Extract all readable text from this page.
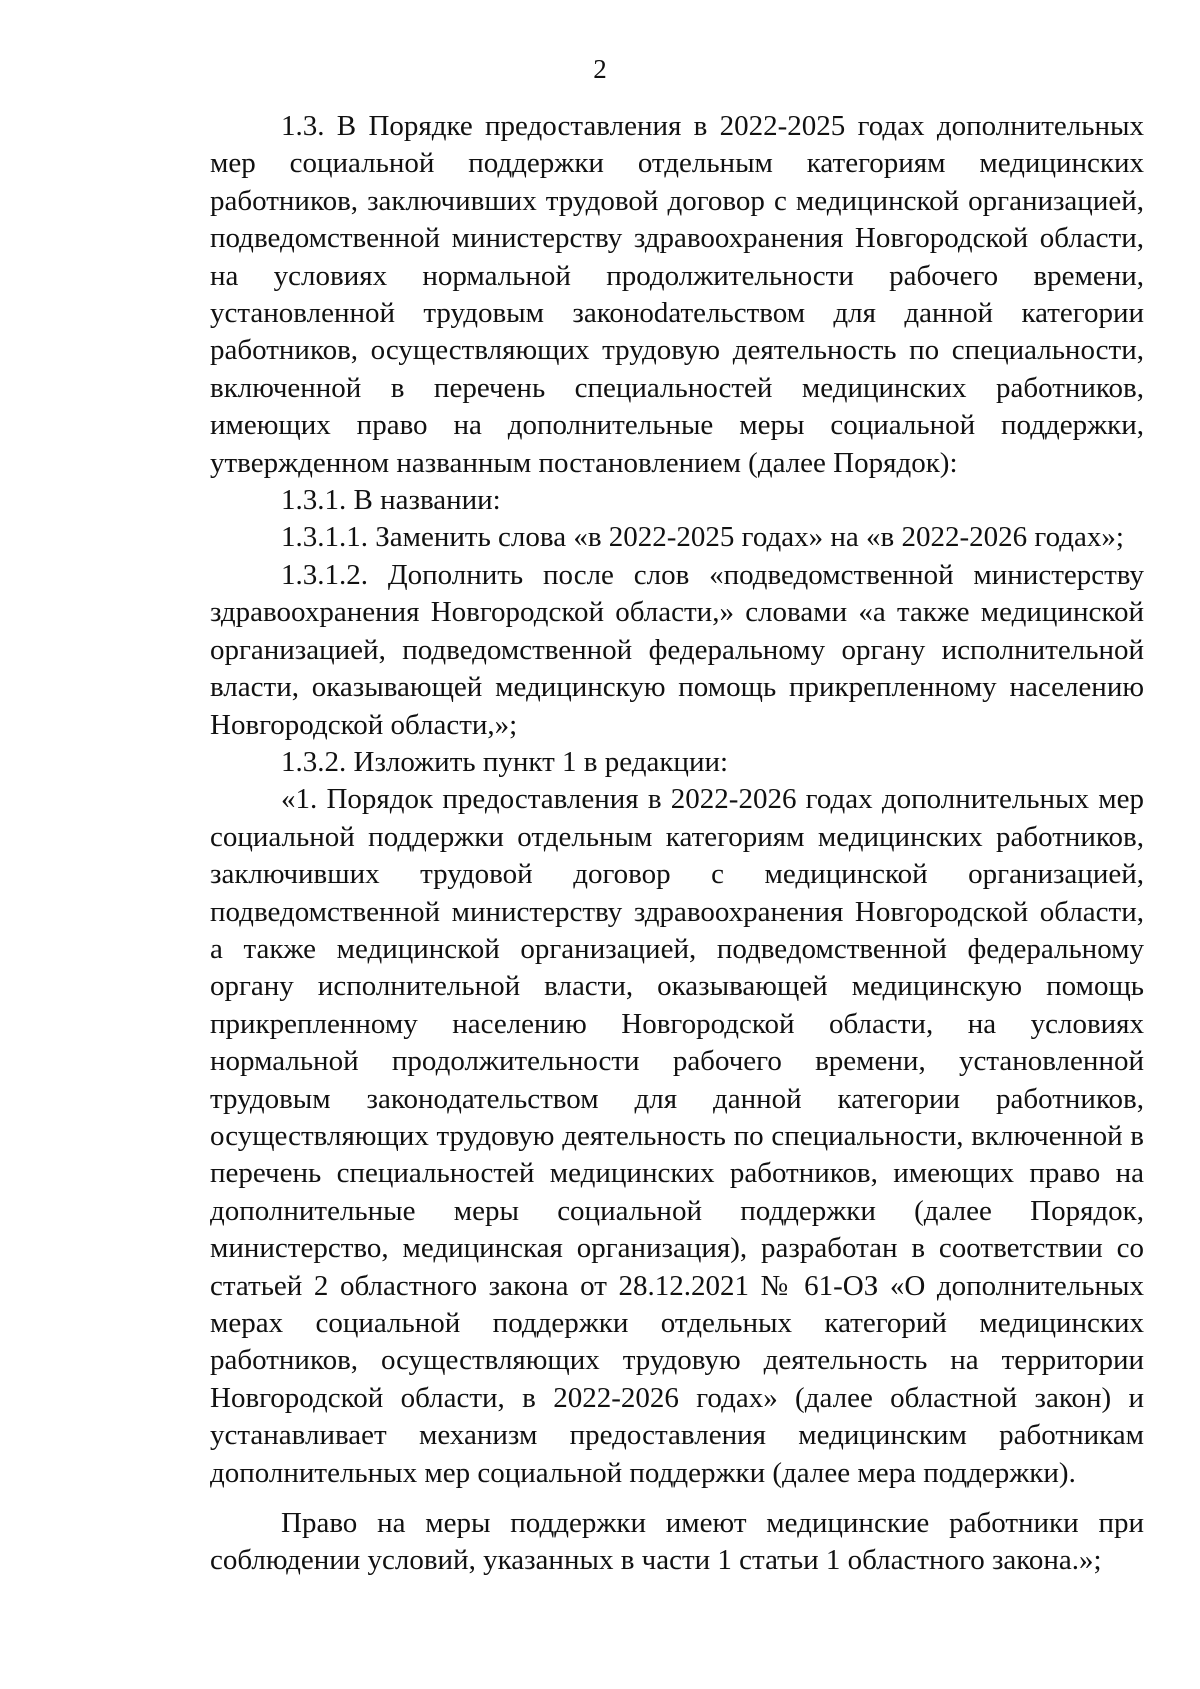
2

1.3. В Порядке предоставления в 2022-2025 годах дополнительных мер социальной поддержки отдельным категориям медицинских работников, заключивших трудовой договор с медицинской организацией, подведомственной министерству здравоохранения Новгородской области, на условиях нормальной продолжительности рабочего времени, установленной трудовым законоdательством для данной категории работников, осуществляющих трудовую деятельность по специальности, включенной в перечень специальностей медицинских работников, имеющих право на дополнительные меры социальной поддержки, утвержденном названным постановлением (далее Порядок):

1.3.1. В названии:

1.3.1.1. Заменить слова «в 2022-2025 годах» на «в 2022-2026 годах»;

1.3.1.2. Дополнить после слов «подведомственной министерству здравоохранения Новгородской области,» словами «а также медицинской организацией, подведомственной федеральному органу исполнительной власти, оказывающей медицинскую помощь прикрепленному населению Новгородской области,»;

1.3.2. Изложить пункт 1 в редакции:

«1. Порядок предоставления в 2022-2026 годах дополнительных мер социальной поддержки отдельным категориям медицинских работников, заключивших трудовой договор с медицинской организацией, подведомственной министерству здравоохранения Новгородской области, а также медицинской организацией, подведомственной федеральному органу исполнительной власти, оказывающей медицинскую помощь прикрепленному населению Новгородской области, на условиях нормальной продолжительности рабочего времени, установленной трудовым законодательством для данной категории работников, осуществляющих трудовую деятельность по специальности, включенной в перечень специальностей медицинских работников, имеющих право на дополнительные меры социальной поддержки (далее Порядок, министерство, медицинская организация), разработан в соответствии со статьей 2 областного закона от 28.12.2021 № 61-ОЗ «О дополнительных мерах социальной поддержки отдельных категорий медицинских работников, осуществляющих трудовую деятельность на территории Новгородской области, в 2022-2026 годах» (далее областной закон) и устанавливает механизм предоставления медицинским работникам дополнительных мер социальной поддержки (далее мера поддержки).

Право на меры поддержки имеют медицинские работники при соблюдении условий, указанных в части 1 статьи 1 областного закона.»;
